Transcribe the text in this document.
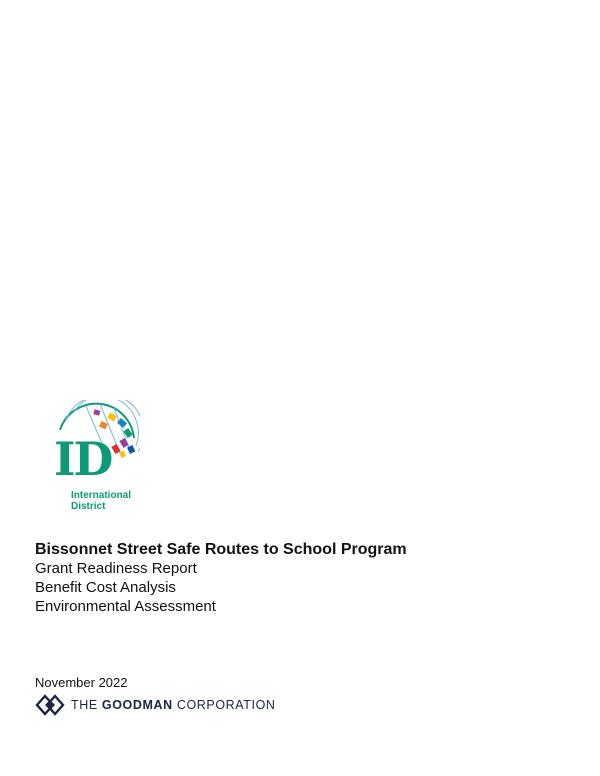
ID
International
District

Bissonnet Street Safe Routes to School Program

Grant Readiness Report

Benefit Cost Analysis

Environmental Assessment

November 2022
THE GOODMAN CORPORATION
